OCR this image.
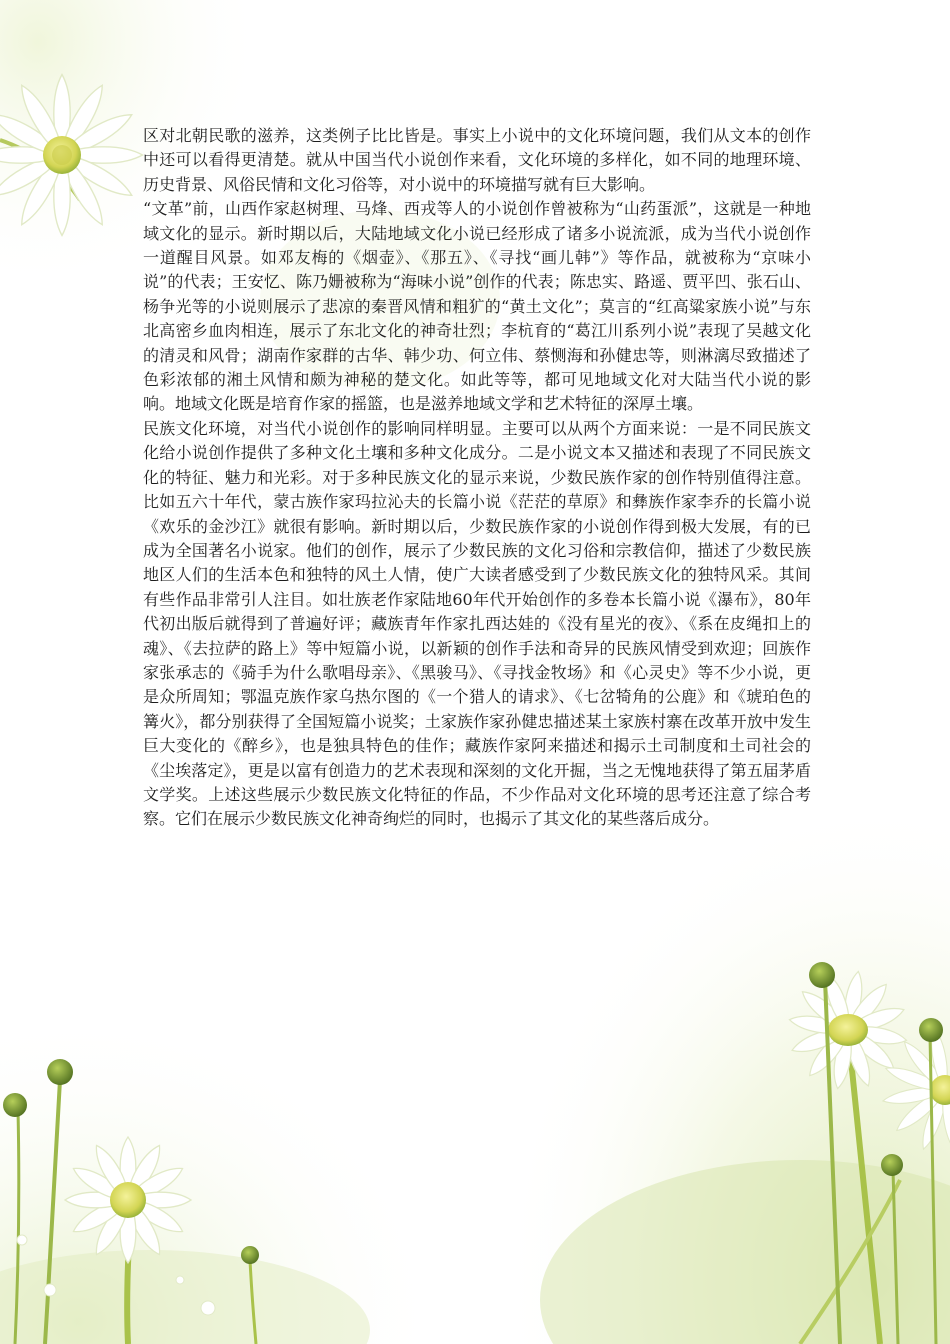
区对北朝民歌的滋养，这类例子比比皆是。事实上小说中的文化环境问题，我们从文本的创作中还可以看得更清楚。就从中国当代小说创作来看，文化环境的多样化，如不同的地理环境、历史背景、风俗民情和文化习俗等，对小说中的环境描写就有巨大影响。

“文革”前，山西作家赵树理、马烽、西戎等人的小说创作曾被称为“山药蛋派”，这就是一种地域文化的显示。新时期以后，大陆地域文化小说已经形成了诸多小说流派，成为当代小说创作一道醒目风景。如邓友梅的《烟壶》、《那五》、《寻找“画儿韩”》等作品，就被称为“京味小说”的代表；王安忆、陈乃姗被称为“海味小说”创作的代表；陈忠实、路遥、贾平凹、张石山、杨争光等的小说则展示了悲凉的秦晋风情和粗犷的“黄土文化”；莫言的“红高粱家族小说”与东北高密乡血肉相连，展示了东北文化的神奇壮烈；李杭育的“葛江川系列小说”表现了吴越文化的清灵和风骨；湖南作家群的古华、韩少功、何立伟、蔡恻海和孙健忠等，则淋漓尽致描述了色彩浓郁的湘土风情和颇为神秘的楚文化。如此等等，都可见地域文化对大陆当代小说的影响。地域文化既是培育作家的摇篮，也是滋养地域文学和艺术特征的深厚土壤。

民族文化环境，对当代小说创作的影响同样明显。主要可以从两个方面来说：一是不同民族文化给小说创作提供了多种文化土壤和多种文化成分。二是小说文本又描述和表现了不同民族文化的特征、魅力和光彩。对于多种民族文化的显示来说，少数民族作家的创作特别值得注意。比如五六十年代，蒙古族作家玛拉沁夫的长篇小说《茫茫的草原》和彝族作家李乔的长篇小说《欢乐的金沙江》就很有影响。新时期以后，少数民族作家的小说创作得到极大发展，有的已成为全国著名小说家。他们的创作，展示了少数民族的文化习俗和宗教信仰，描述了少数民族地区人们的生活本色和独特的风土人情，使广大读者感受到了少数民族文化的独特风采。其间有些作品非常引人注目。如壮族老作家陆地60年代开始创作的多卷本长篇小说《瀑布》，80年代初出版后就得到了普遍好评；藏族青年作家扎西达娃的《没有星光的夜》、《系在皮绳扣上的魂》、《去拉萨的路上》等中短篇小说，以新颖的创作手法和奇异的民族风情受到欢迎；回族作家张承志的《骑手为什么歌唱母亲》、《黑骏马》、《寻找金牧场》和《心灵史》等不少小说，更是众所周知；鄂温克族作家乌热尔图的《一个猎人的请求》、《七岔犄角的公鹿》和《琥珀色的篝火》，都分别获得了全国短篇小说奖；土家族作家孙健忠描述某土家族村寨在改革开放中发生巨大变化的《醉乡》，也是独具特色的佳作；藏族作家阿来描述和揭示土司制度和土司社会的《尘埃落定》，更是以富有创造力的艺术表现和深刻的文化开掘，当之无愧地获得了第五届茅盾文学奖。上述这些展示少数民族文化特征的作品，不少作品对文化环境的思考还注意了综合考察。它们在展示少数民族文化神奇绚烂的同时，也揭示了其文化的某些落后成分。
